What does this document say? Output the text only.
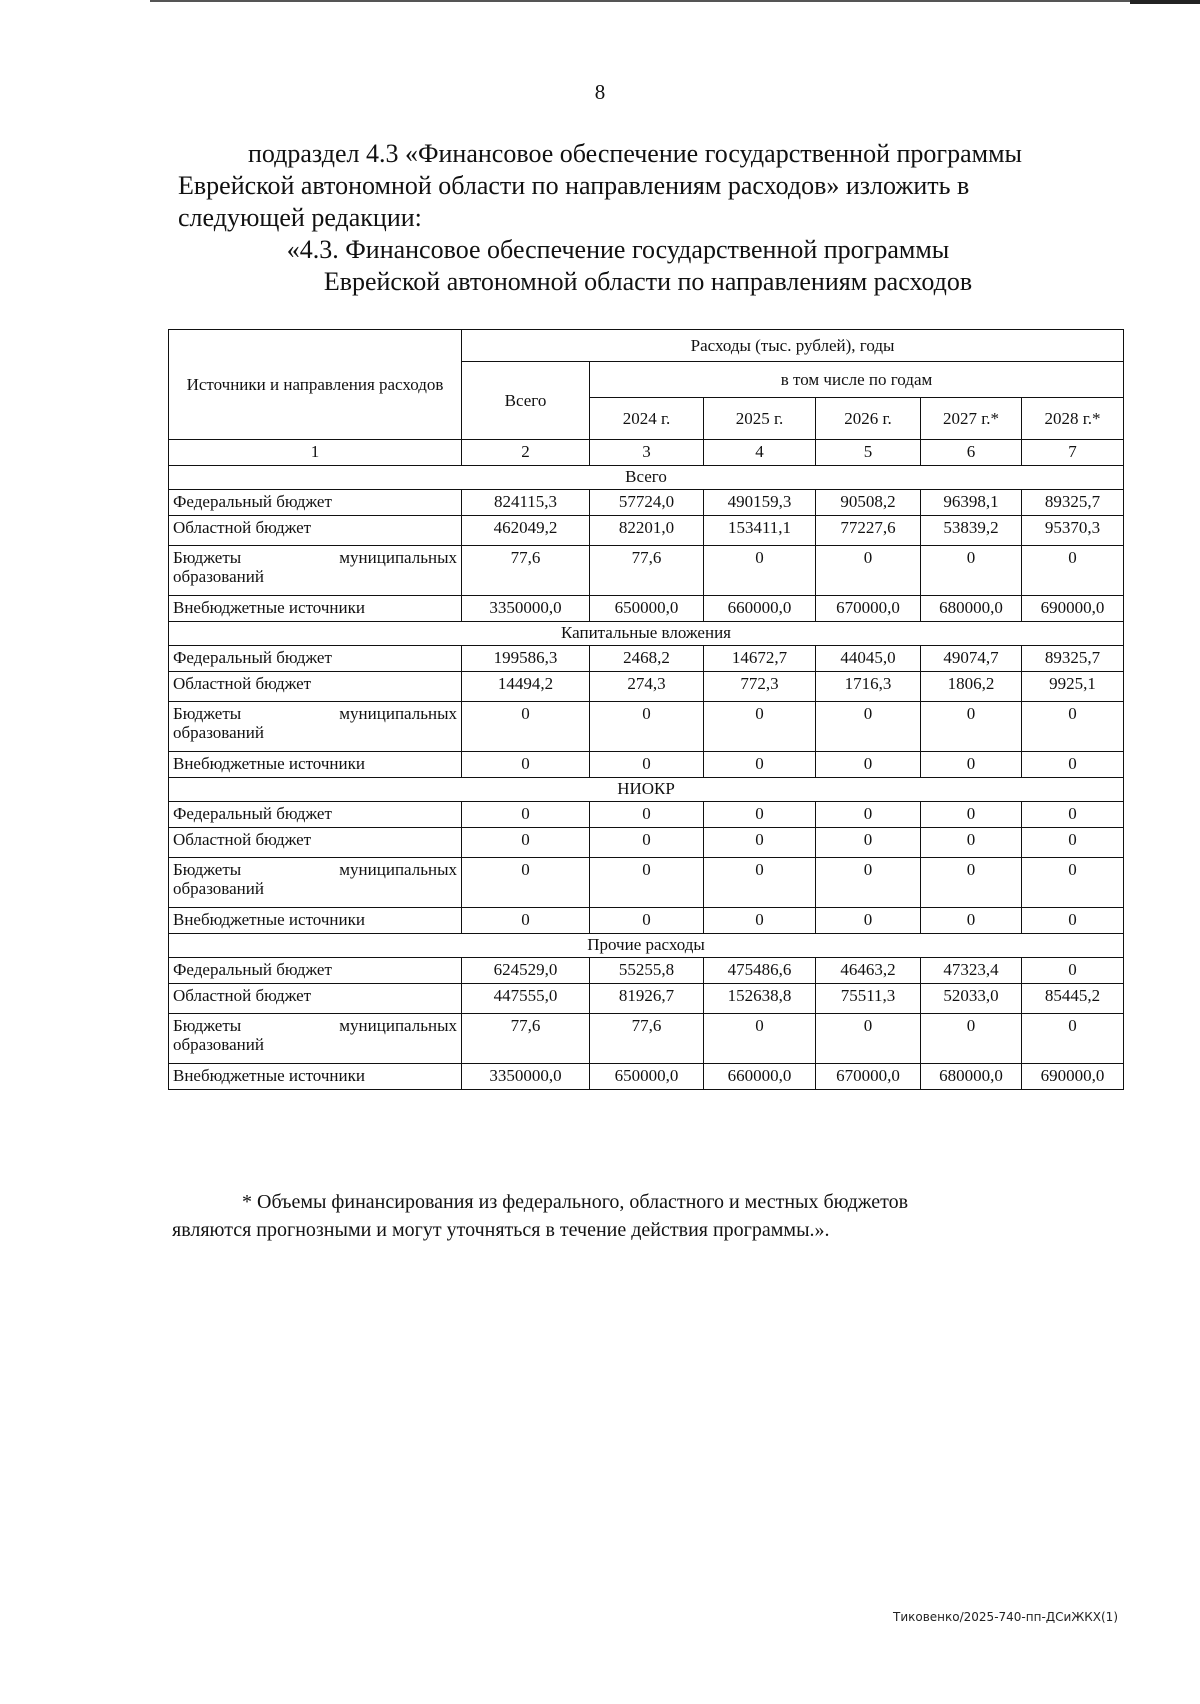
8
подраздел 4.3 «Финансовое обеспечение государственной программы
Еврейской автономной области по направлениям расходов» изложить в
следующей редакции:
«4.3. Финансовое обеспечение государственной программы
Еврейской автономной области по направлениям расходов
Источники и направления расходов	Расходы (тыс. рублей), годы					
	Всего	в том числе по годам				
		2024 г.	2025 г.	2026 г.	2027 г.*	2028 г.*
1	2	3	4	5	6	7
Всего						
Федеральный бюджет	824115,3	57724,0	490159,3	90508,2	96398,1	89325,7
Областной бюджет	462049,2	82201,0	153411,1	77227,6	53839,2	95370,3

Бюджеты муниципальных
образований	77,6	77,6	0	0	0	0
Внебюджетные источники	3350000,0	650000,0	660000,0	670000,0	680000,0	690000,0
Капитальные вложения						
Федеральный бюджет	199586,3	2468,2	14672,7	44045,0	49074,7	89325,7
Областной бюджет	14494,2	274,3	772,3	1716,3	1806,2	9925,1

Бюджеты муниципальных
образований	0	0	0	0	0	0
Внебюджетные источники	0	0	0	0	0	0
НИОКР						
Федеральный бюджет	0	0	0	0	0	0
Областной бюджет	0	0	0	0	0	0

Бюджеты муниципальных
образований	0	0	0	0	0	0
Внебюджетные источники	0	0	0	0	0	0
Прочие расходы						
Федеральный бюджет	624529,0	55255,8	475486,6	46463,2	47323,4	0
Областной бюджет	447555,0	81926,7	152638,8	75511,3	52033,0	85445,2

Бюджеты муниципальных
образований	77,6	77,6	0	0	0	0
Внебюджетные источники	3350000,0	650000,0	660000,0	670000,0	680000,0	690000,0
* Объемы финансирования из федерального, областного и местных бюджетов
являются прогнозными и могут уточняться в течение действия программы.».
Тиковенко/2025-740-пп-ДСиЖКХ(1)
